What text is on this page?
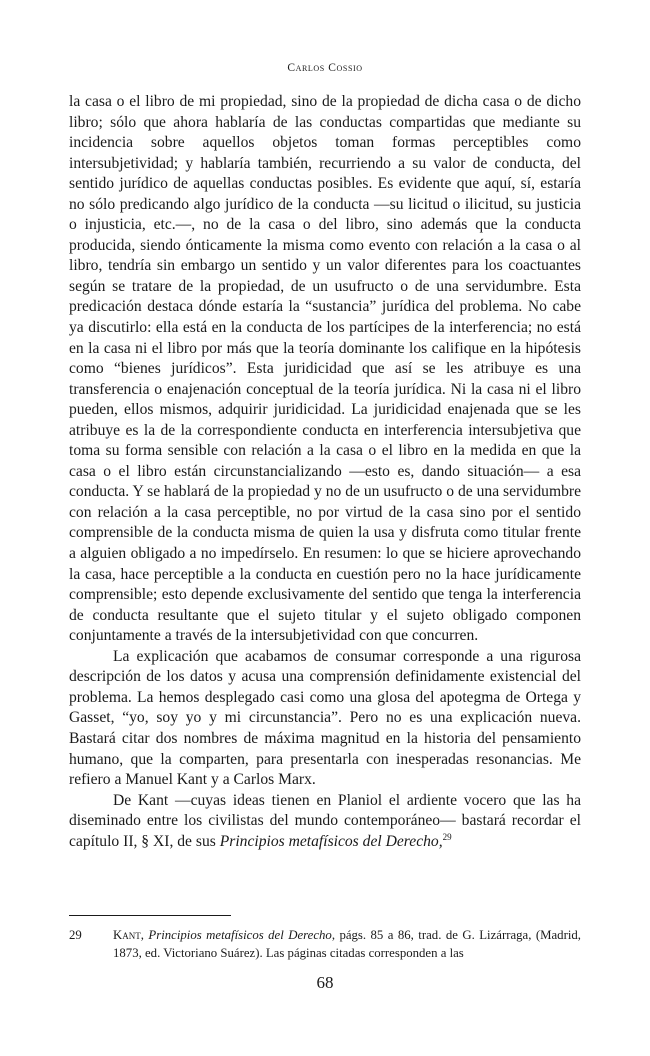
Carlos Cossio

la casa o el libro de mi propiedad, sino de la propiedad de dicha casa o de dicho libro; sólo que ahora hablaría de las conductas compartidas que mediante su incidencia sobre aquellos objetos toman formas perceptibles como intersubjetividad; y hablaría también, recurriendo a su valor de conducta, del sentido jurídico de aquellas conductas posibles. Es evidente que aquí, sí, estaría no sólo predicando algo jurídico de la conducta —su licitud o ilicitud, su justicia o injusticia, etc.—, no de la casa o del libro, sino además que la conducta producida, siendo ónticamente la misma como evento con relación a la casa o al libro, tendría sin embargo un sentido y un valor diferentes para los coactuantes según se tratare de la propiedad, de un usufructo o de una servidumbre. Esta predicación destaca dónde estaría la “sustancia” jurídica del problema. No cabe ya discutirlo: ella está en la conducta de los partícipes de la interferencia; no está en la casa ni el libro por más que la teoría dominante los califique en la hipótesis como “bienes jurídicos”. Esta juridicidad que así se les atribuye es una transferencia o enajenación conceptual de la teoría jurídica. Ni la casa ni el libro pueden, ellos mismos, adquirir juridicidad. La juridicidad enajenada que se les atribuye es la de la correspondiente conducta en interferencia intersubjetiva que toma su forma sensible con relación a la casa o el libro en la medida en que la casa o el libro están circunstancializando —esto es, dando situación— a esa conducta. Y se hablará de la propiedad y no de un usufructo o de una servidumbre con relación a la casa perceptible, no por virtud de la casa sino por el sentido comprensible de la conducta misma de quien la usa y disfruta como titular frente a alguien obligado a no impedírselo. En resumen: lo que se hiciere aprovechando la casa, hace perceptible a la conducta en cuestión pero no la hace jurídicamente comprensible; esto depende exclusivamente del sentido que tenga la interferencia de conducta resultante que el sujeto titular y el sujeto obligado componen conjuntamente a través de la intersubjetividad con que concurren.

La explicación que acabamos de consumar corresponde a una rigurosa descripción de los datos y acusa una comprensión definidamente existencial del problema. La hemos desplegado casi como una glosa del apotegma de Ortega y Gasset, “yo, soy yo y mi circunstancia”. Pero no es una explicación nueva. Bastará citar dos nombres de máxima magnitud en la historia del pensamiento humano, que la comparten, para presentarla con inesperadas resonancias. Me refiero a Manuel Kant y a Carlos Marx.

De Kant —cuyas ideas tienen en Planiol el ardiente vocero que las ha diseminado entre los civilistas del mundo contemporáneo— bastará recordar el capítulo II, § XI, de sus Principios metafísicos del Derecho,$^{29}$

29 Kant, Principios metafísicos del Derecho, págs. 85 a 86, trad. de G. Lizárraga, (Madrid, 1873, ed. Victoriano Suárez). Las páginas citadas corresponden a las
68
